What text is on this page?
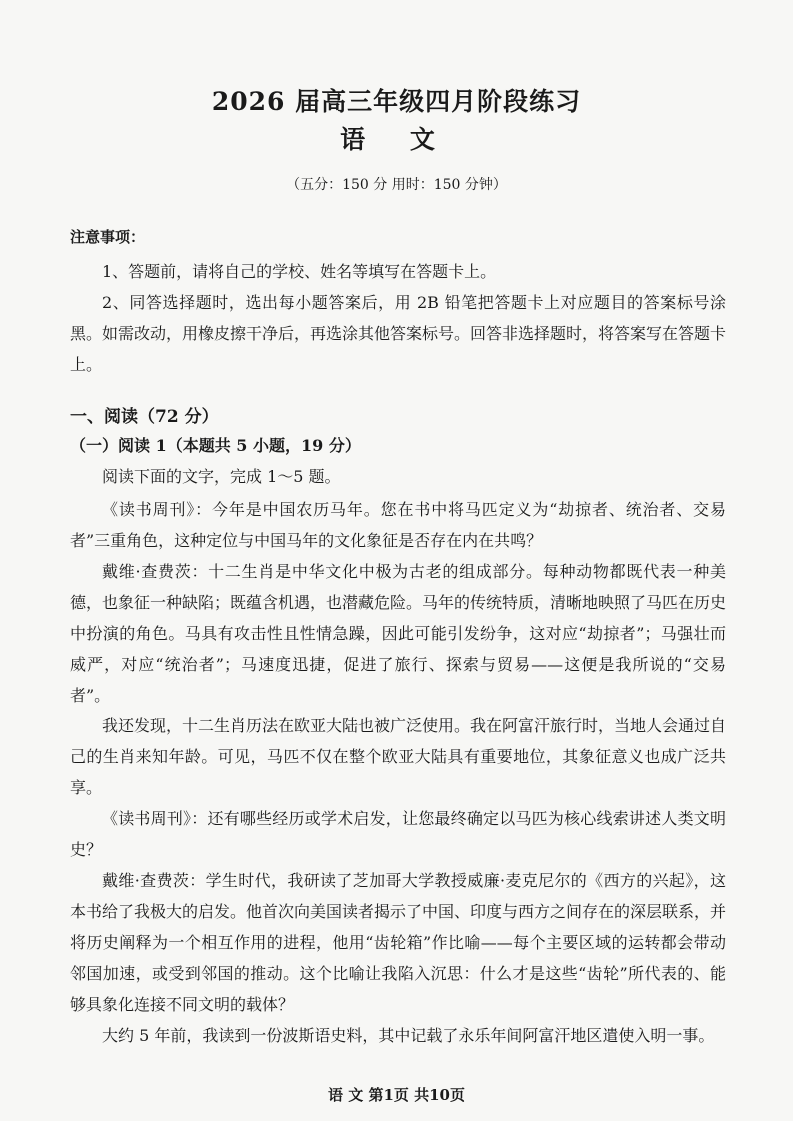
2026 届高三年级四月阶段练习
语 文
（五分：150 分 用时：150 分钟）
注意事项：
1、答题前，请将自己的学校、姓名等填写在答题卡上。
2、同答选择题时，选出每小题答案后，用 2B 铅笔把答题卡上对应题目的答案标号涂黑。如需改动，用橡皮擦干净后，再选涂其他答案标号。回答非选择题时，将答案写在答题卡上。
一、阅读（72 分）
（一）阅读 1（本题共 5 小题，19 分）
阅读下面的文字，完成 1～5 题。
《读书周刊》：今年是中国农历马年。您在书中将马匹定义为“劫掠者、统治者、交易者”三重角色，这种定位与中国马年的文化象征是否存在内在共鸣？
戴维·查费茨：十二生肖是中华文化中极为古老的组成部分。每种动物都既代表一种美德，也象征一种缺陷；既蕴含机遇，也潜藏危险。马年的传统特质，清晰地映照了马匹在历史中扮演的角色。马具有攻击性且性情急躁，因此可能引发纷争，这对应“劫掠者”；马强壮而威严，对应“统治者”；马速度迅捷，促进了旅行、探索与贸易——这便是我所说的“交易者”。
我还发现，十二生肖历法在欧亚大陆也被广泛使用。我在阿富汗旅行时，当地人会通过自己的生肖来知年龄。可见，马匹不仅在整个欧亚大陆具有重要地位，其象征意义也成广泛共享。
《读书周刊》：还有哪些经历或学术启发，让您最终确定以马匹为核心线索讲述人类文明史？
戴维·查费茨：学生时代，我研读了芝加哥大学教授威廉·麦克尼尔的《西方的兴起》，这本书给了我极大的启发。他首次向美国读者揭示了中国、印度与西方之间存在的深层联系，并将历史阐释为一个相互作用的进程，他用“齿轮箱”作比喻——每个主要区域的运转都会带动邻国加速，或受到邻国的推动。这个比喻让我陷入沉思：什么才是这些“齿轮”所代表的、能够具象化连接不同文明的载体？
大约 5 年前，我读到一份波斯语史料，其中记载了永乐年间阿富汗地区遣使入明一事。
语 文 第1页 共10页
